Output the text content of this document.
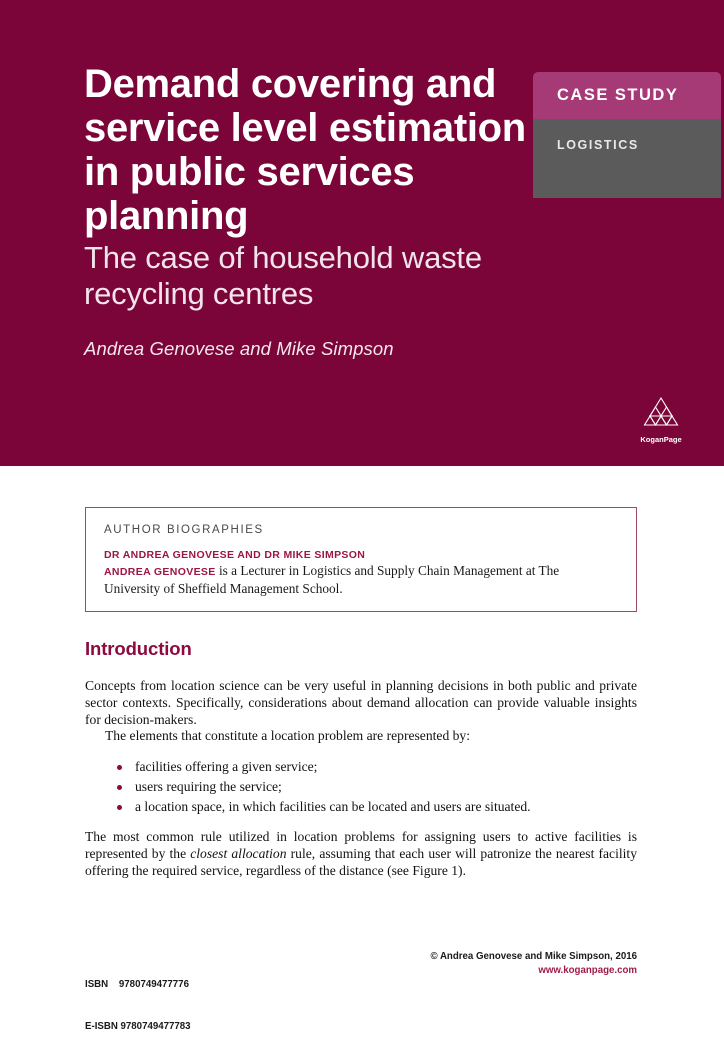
Demand covering and service level estimation in public services planning
The case of household waste recycling centres
Andrea Genovese and Mike Simpson
CASE STUDY
LOGISTICS
KoganPage
AUTHOR BIOGRAPHIES
DR ANDREA GENOVESE AND DR MIKE SIMPSON

ANDREA GENOVESE is a Lecturer in Logistics and Supply Chain Management at The University of Sheffield Management School.

Introduction

Concepts from location science can be very useful in planning decisions in both public and private sector contexts. Specifically, considerations about demand allocation can provide valuable insights for decision-makers.

The elements that constitute a location problem are represented by:

facilities offering a given service;
users requiring the service;
a location space, in which facilities can be located and users are situated.

The most common rule utilized in location problems for assigning users to active facilities is represented by the closest allocation rule, assuming that each user will patronize the nearest facility offering the required service, regardless of the distance (see Figure 1).

ISBN    9780749477776

E-ISBN 9780749477783

© Andrea Genovese and Mike Simpson, 2016
www.koganpage.com
